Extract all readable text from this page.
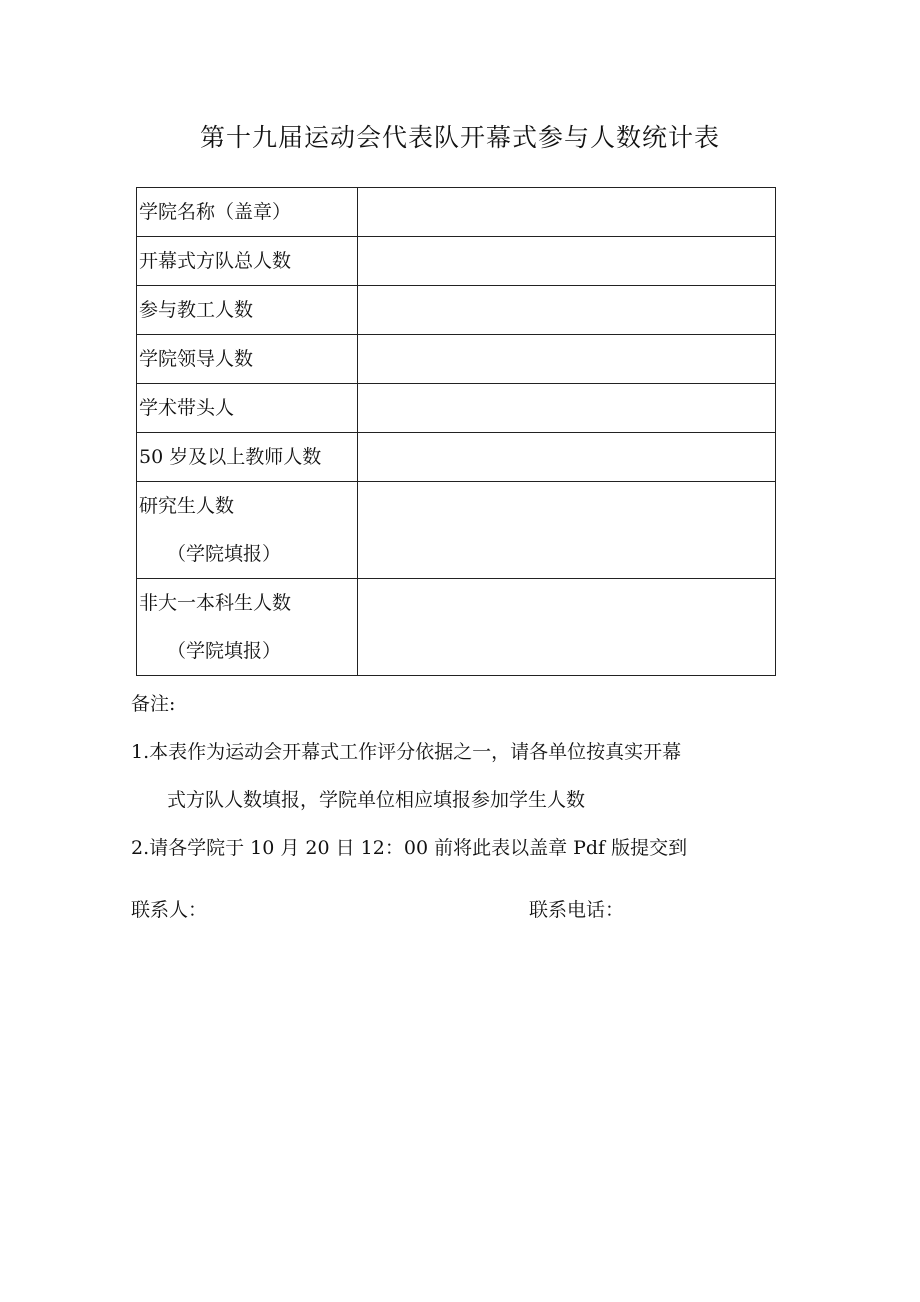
第十九届运动会代表队开幕式参与人数统计表
学院名称（盖章）	

开幕式方队总人数	

参与教工人数	

学院领导人数	

学术带头人	

50 岁及以上教师人数	

研究生人数
（学院填报）	

非大一本科生人数
（学院填报）	

备注:
1.本表作为运动会开幕式工作评分依据之一，请各单位按真实开幕
式方队人数填报，学院单位相应填报参加学生人数
2.请各学院于 10 月 20 日 12：00 前将此表以盖章 Pdf 版提交到
联系人：	联系电话：
